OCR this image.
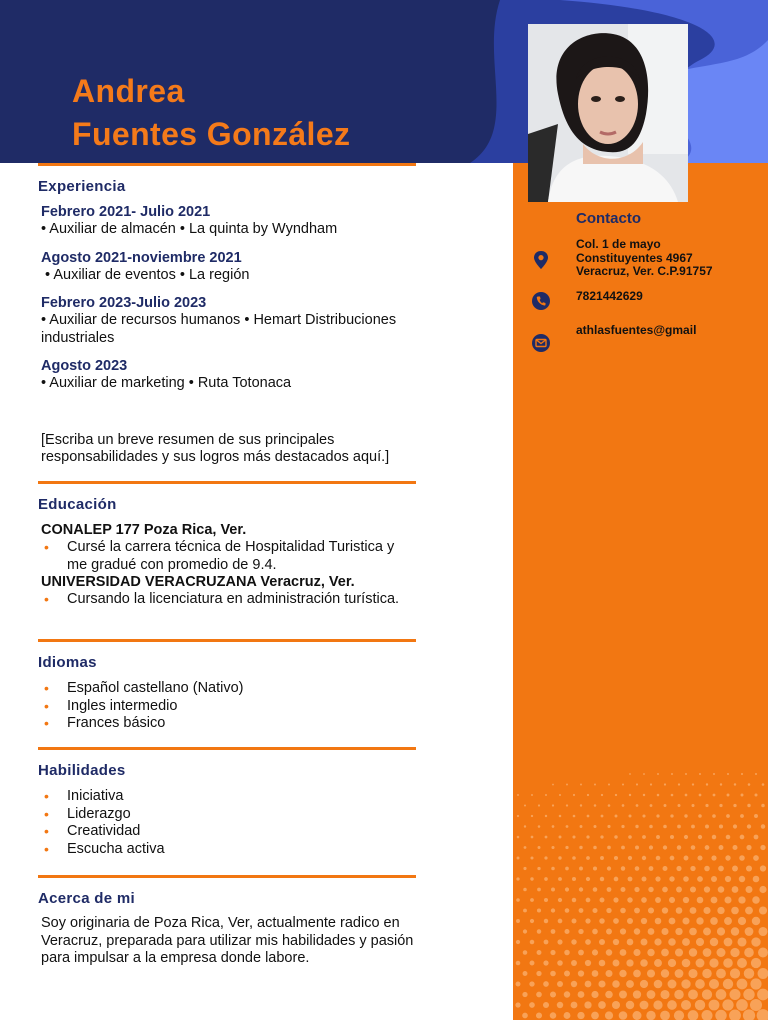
Andrea
Fuentes González
Contacto

Col. 1 de mayo
Constituyentes 4967
Veracruz, Ver. C.P.91757

7821442629

athlasfuentes@gmail

Experiencia

Febrero 2021- Julio 2021

• Auxiliar de almacén • La quinta by Wyndham

Agosto 2021-noviembre 2021

• Auxiliar de eventos • La región

Febrero 2023-Julio 2023

• Auxiliar de recursos humanos • Hemart Distribuciones industriales

Agosto 2023

• Auxiliar de marketing • Ruta Totonaca

[Escriba un breve resumen de sus principales responsabilidades y sus logros más destacados aquí.]

Educación

CONALEP 177 Poza Rica, Ver.

• Cursé la carrera técnica de Hospitalidad Turistica y me gradué con promedio de 9.4.

UNIVERSIDAD VERACRUZANA Veracruz, Ver.

• Cursando la licenciatura en administración turística.
Idiomas
• Español castellano (Nativo)
• Ingles intermedio
• Frances básico
Habilidades
• Iniciativa
• Liderazgo
• Creatividad
• Escucha activa
Acerca de mi

Soy originaria de Poza Rica, Ver, actualmente radico en Veracruz, preparada para utilizar mis habilidades y pasión para impulsar a la empresa donde labore.
